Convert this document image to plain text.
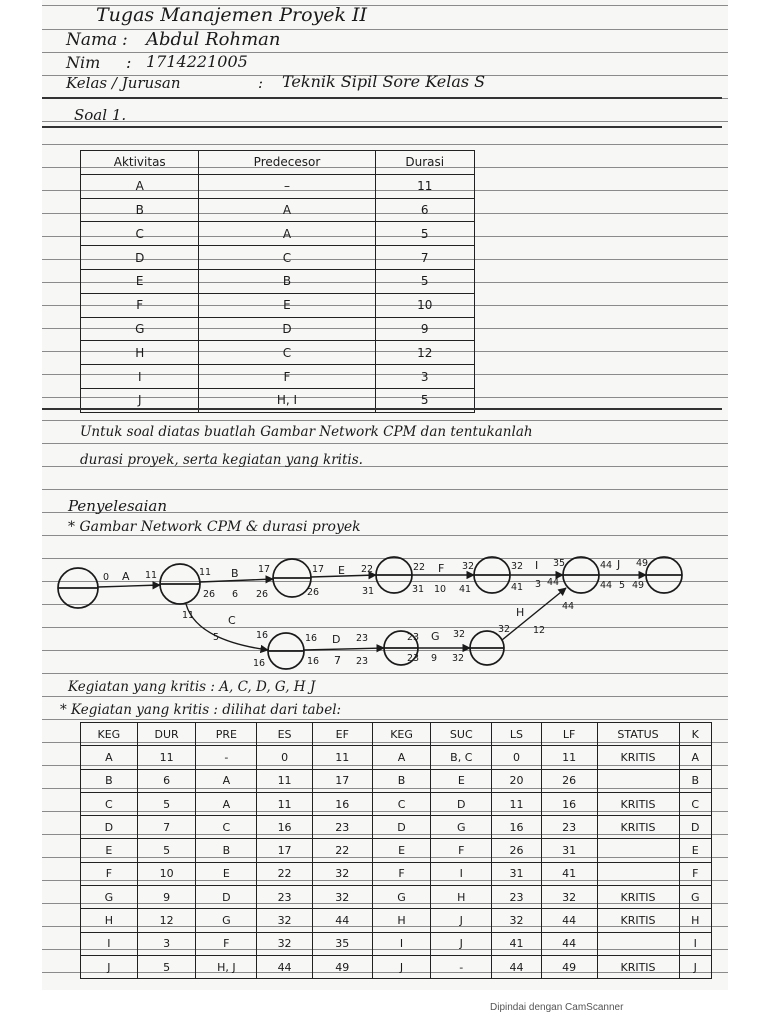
Tugas Manajemen Proyek II
Nama : Abdul Rohman
Nim : 1714221005
Kelas / Jurusan	: Teknik Sipil Sore Kelas S
Soal 1.
Aktivitas	Predecesor	Durasi
A	–	11
B	A	6
C	A	5
D	C	7
E	B	5
F	E	10
G	D	9
H	C	12
I	F	3
J	H, I	5
Untuk soal diatas buatlah Gambar Network CPM dan tentukanlah
durasi proyek, serta kegiatan yang kritis.
Penyelesaian
* Gambar Network CPM & durasi proyek
0 A 11	11 B 17
26 6 26
11	C
5
17 E 22
26	31
22 F 32
31 10 41
32 I 35
41 3 44
44 J 49
44 5 49
16
16
16 D 23
16 7 23
23 G 32
23 9 32
32
H
12
44
Kegiatan yang kritis : A, C, D, G, H J
* Kegiatan yang kritis : dilihat dari tabel:
KEG	DUR	PRE	ES	EF	KEG	SUC	LS	LF	STATUS	K
A	11	-	0	11	A	B, C	0	11	KRITIS	A
B	6	A	11	17	B	E	20	26		B
C	5	A	11	16	C	D	11	16	KRITIS	C
D	7	C	16	23	D	G	16	23	KRITIS	D
E	5	B	17	22	E	F	26	31		E
F	10	E	22	32	F	I	31	41		F
G	9	D	23	32	G	H	23	32	KRITIS	G
H	12	G	32	44	H	J	32	44	KRITIS	H
I	3	F	32	35	I	J	41	44		I
J	5	H, J	44	49	J	-	44	49	KRITIS	J
Dipindai dengan CamScanner
